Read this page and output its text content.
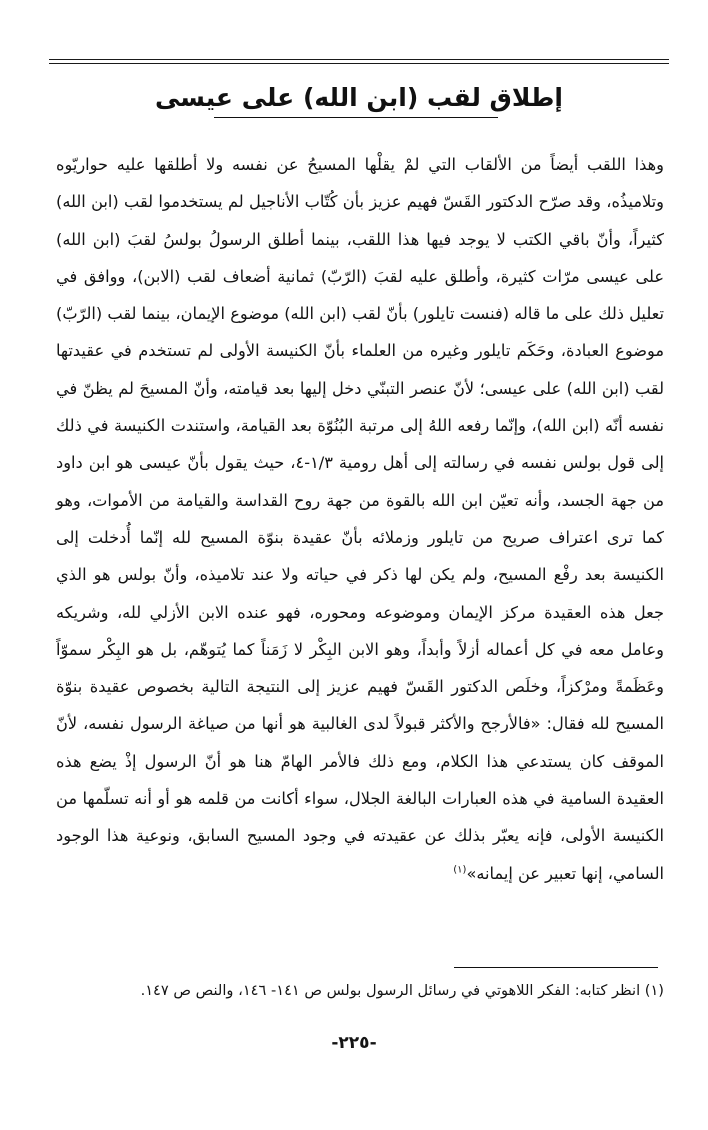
إطلاق لقب (ابن الله) على عيسى

وهذا اللقب أيضاً من الألقاب التي لمْ يقلْها المسيحُ عن نفسه ولا أطلقها عليه حواريّوه وتلاميذُه، وقد صرّح الدكتور القَسّ فهيم عزيز بأن كُتّاب الأناجيل لم يستخدموا لقب (ابن الله) كثيراً، وأنّ باقي الكتب لا يوجد فيها هذا اللقب، بينما أطلق الرسولُ بولسُ لقبَ (ابن الله) على عيسى مرّات كثيرة، وأطلق عليه لقبَ (الرّبّ) ثمانية أضعاف لقب (الابن)، ووافق في تعليل ذلك على ما قاله (فنست تايلور) بأنّ لقب (ابن الله) موضوع الإيمان، بينما لقب (الرّبّ) موضوع العبادة، وحَكَم تايلور وغيره من العلماء بأنّ الكنيسة الأولى لم تستخدم في عقيدتها لقب (ابن الله) على عيسى؛ لأنّ عنصر التبنّي دخل إليها بعد قيامته، وأنّ المسيحَ لم يظنّ في نفسه أنّه (ابن الله)، وإنّما رفعه اللهُ إلى مرتبة البُنُوّة بعد القيامة، واستندت الكنيسة في ذلك إلى قول بولس نفسه في رسالته إلى أهل رومية ١/٣-٤، حيث يقول بأنّ عيسى هو ابن داود من جهة الجسد، وأنه تعيّن ابن الله بالقوة من جهة روح القداسة والقيامة من الأموات، وهو كما ترى اعتراف صريح من تايلور وزملائه بأنّ عقيدة بنوّة المسيح لله إنّما أُدخلت إلى الكنيسة بعد رفْع المسيح، ولم يكن لها ذكر في حياته ولا عند تلاميذه، وأنّ بولس هو الذي جعل هذه العقيدة مركز الإيمان وموضوعه ومحوره، فهو عنده الابن الأزلي لله، وشريكه وعامل معه في كل أعماله أزلاً وأبداً، وهو الابن البِكْر لا زَمَناً كما يُتوهّم، بل هو البِكْر سموّاً وعَظَمةً ومرْكزاً، وخلَص الدكتور القَسّ فهيم عزيز إلى النتيجة التالية بخصوص عقيدة بنوّة المسيح لله فقال: «فالأرجح والأكثر قبولاً لدى الغالبية هو أنها من صياغة الرسول نفسه، لأنّ الموقف كان يستدعي هذا الكلام، ومع ذلك فالأمر الهامّ هنا هو أنّ الرسول إذْ يضع هذه العقيدة السامية في هذه العبارات البالغة الجلال، سواء أكانت من قلمه هو أو أنه تسلّمها من الكنيسة الأولى، فإنه يعبّر بذلك عن عقيدته في وجود المسيح السابق، ونوعية هذا الوجود السامي، إنها تعبير عن إيمانه»$^{(١)}$

(١) انظر كتابه: الفكر اللاهوتي في رسائل الرسول بولس ص ١٤١- ١٤٦، والنص ص ١٤٧.
-٢٢٥-
